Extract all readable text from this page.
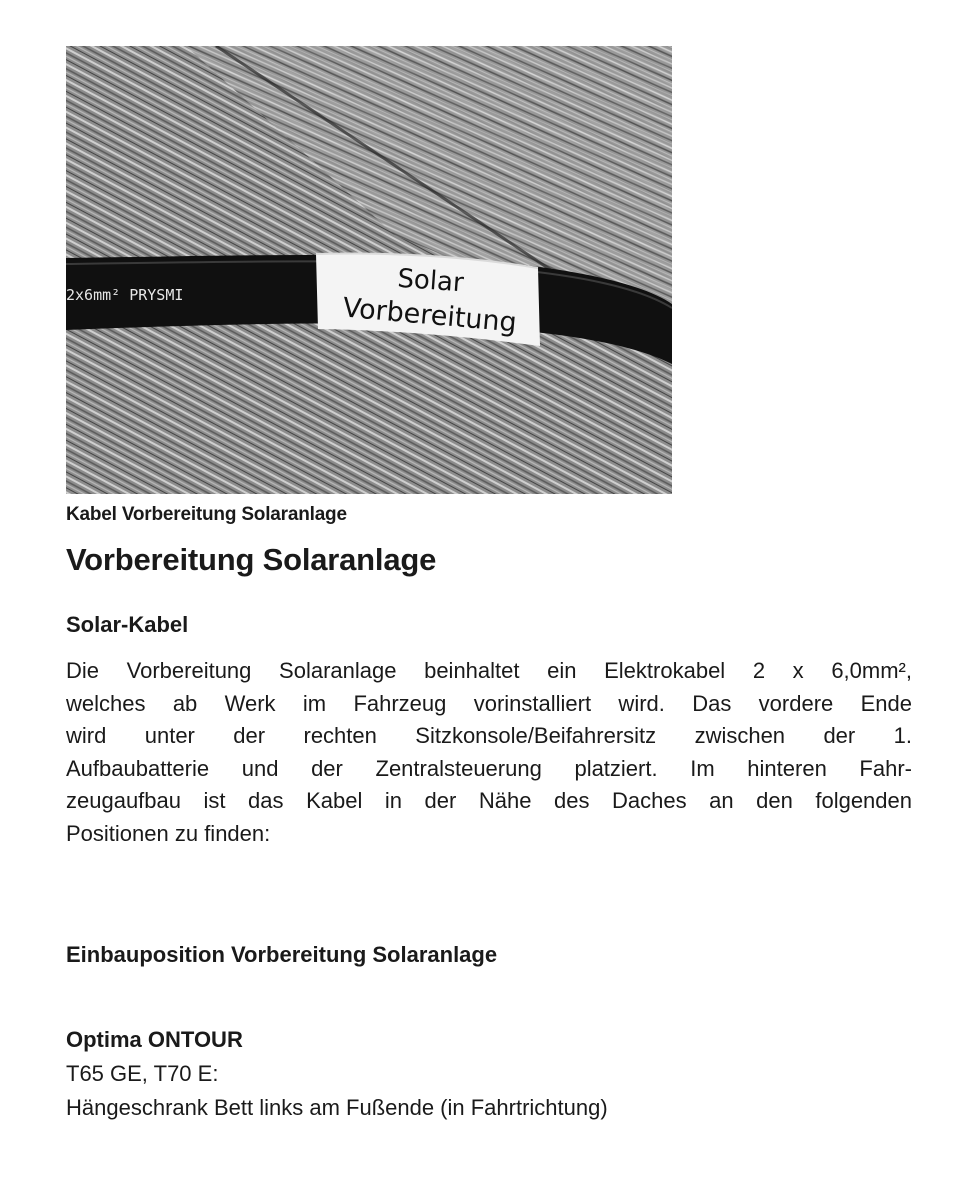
2x6mm² PRYSMI	Solar
Vorbereitung
Kabel Vorbereitung Solaranlage
Vorbereitung Solaranlage
Solar-Kabel
Die Vorbereitung Solaranlage beinhaltet ein Elektrokabel 2 x 6,0mm²,
welches ab Werk im Fahrzeug vorinstalliert wird. Das vordere Ende
wird unter der rechten Sitzkonsole/Beifahrersitz zwischen der 1.
Aufbaubatterie und der Zentralsteuerung platziert. Im hinteren Fahr-
zeugaufbau ist das Kabel in der Nähe des Daches an den folgenden
Positionen zu finden:
Einbauposition Vorbereitung Solaranlage
Optima ONTOUR
T65 GE, T70 E:
Hängeschrank Bett links am Fußende (in Fahrtrichtung)
